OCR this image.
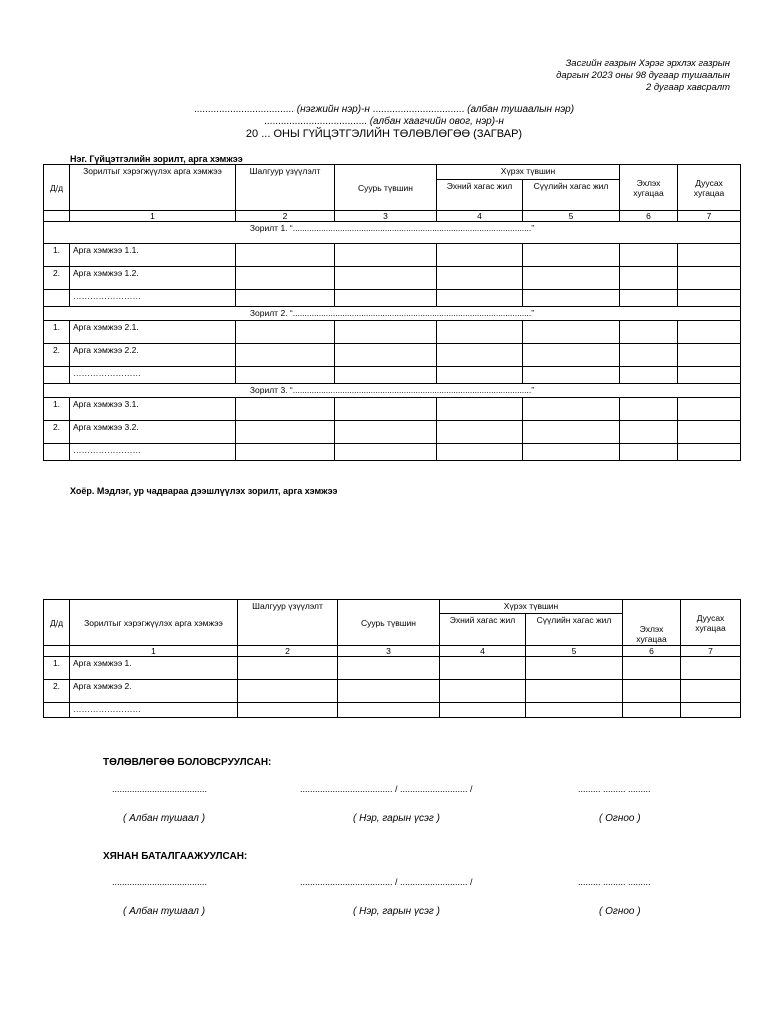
Засгийн газрын Хэрэг эрхлэх газрын
даргын 2023 оны 98 дугаар тушаалын
2 дугаар хавсралт
.................................... (нэгжийн нэр)-н ................................. (албан тушаалын нэр)
..................................... (албан хаагчийн овог, нэр)-н
20 ... ОНЫ ГҮЙЦЭТГЭЛИЙН ТӨЛӨВЛӨГӨӨ (ЗАГВАР)
Нэг. Гүйцэтгэлийн зорилт, арга хэмжээ
Д/д	Зорилтыг хэрэгжүүлэх арга хэмжээ	Шалгуур үзүүлэлт	Суурь түвшин	Хүрэх түвшин		Эхлэх хугацаа	Дуусах хугацаа
				Эхний хагас жил	Сүүлийн хагас жил		
	1	2	3	4	5	6	7
Зорилт 1. “.....................................................................................................”							
1.	Арга хэмжээ 1.1.						
2.	Арга хэмжээ 1.2.						
	……………………						
Зорилт 2. “.....................................................................................................”							
1.	Арга хэмжээ 2.1.						
2.	Арга хэмжээ 2.2.						
	……………………						
Зорилт 3. “.....................................................................................................”							
1.	Арга хэмжээ 3.1.						
2.	Арга хэмжээ 3.2.						
	……………………						
Хоёр. Мэдлэг, ур чадвараа дээшлүүлэх зорилт, арга хэмжээ
Д/д	Зорилтыг хэрэгжүүлэх арга хэмжээ	Шалгуур үзүүлэлт	Суурь түвшин	Хүрэх түвшин		Эхлэх хугацаа	Дуусах хугацаа
				Эхний хагас жил	Сүүлийн хагас жил		
	1	2	3	4	5	6	7
1.	Арга хэмжээ 1.						
2.	Арга хэмжээ 2.						
	……………………						
ТӨЛӨВЛӨГӨӨ БОЛОВСРУУЛСАН:
......................................	..................................... / ........................... /	......... ......... .........
( Албан тушаал )	( Нэр, гарын үсэг )	( Огноо )
ХЯНАН БАТАЛГААЖУУЛСАН:
......................................	..................................... / ........................... /	......... ......... .........
( Албан тушаал )	( Нэр, гарын үсэг )	( Огноо )
